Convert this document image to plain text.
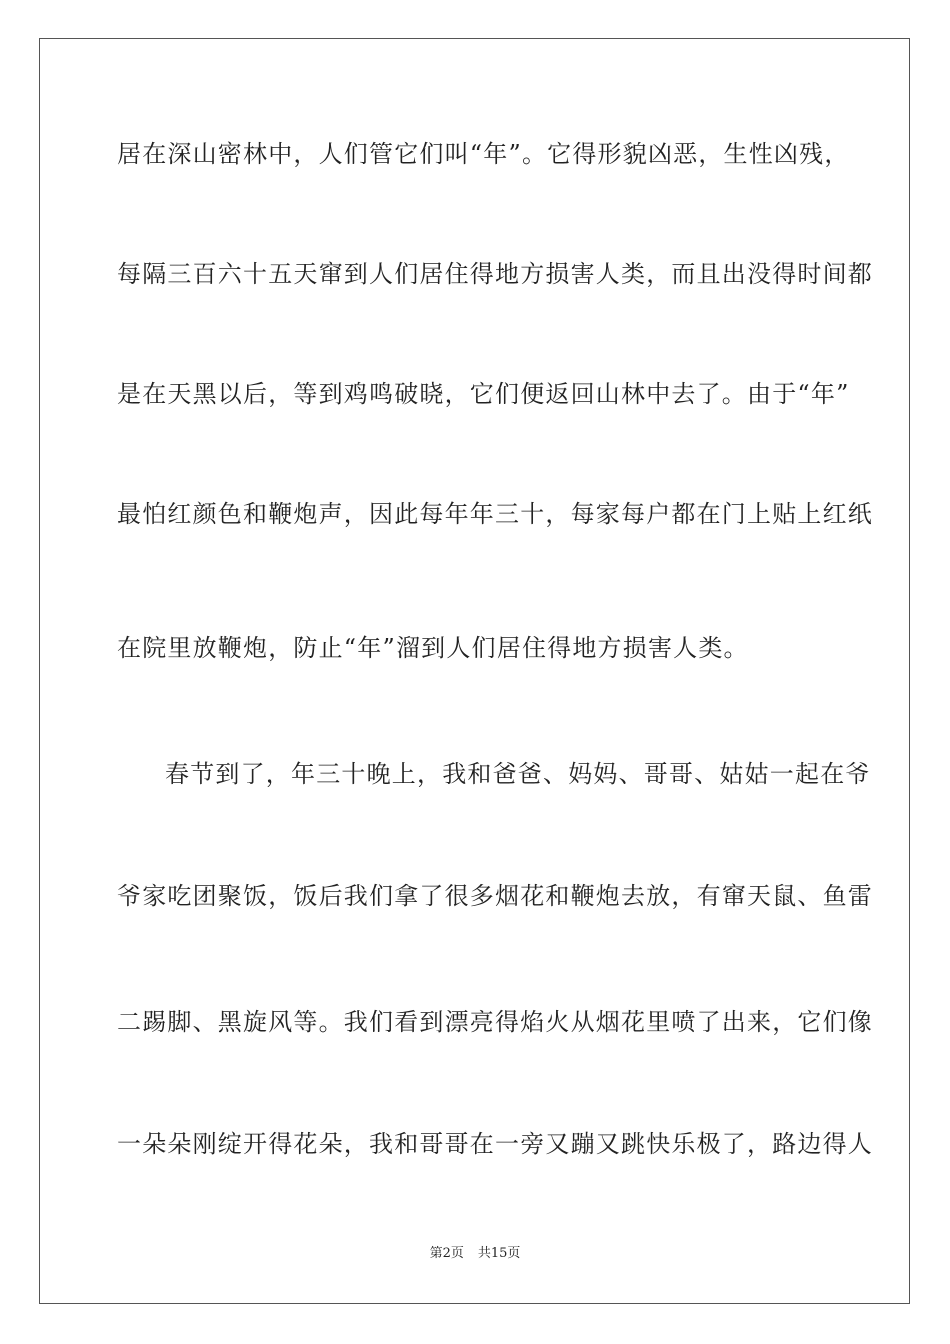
居在深山密林中，人们管它们叫“年”。它得形貌凶恶，生性凶残，
每隔三百六十五天窜到人们居住得地方损害人类，而且出没得时间都
是在天黑以后，等到鸡鸣破晓，它们便返回山林中去了。由于“年”
最怕红颜色和鞭炮声，因此每年年三十，每家每户都在门上贴上红纸
在院里放鞭炮，防止“年”溜到人们居住得地方损害人类。
春节到了，年三十晚上，我和爸爸、妈妈、哥哥、姑姑一起在爷
爷家吃团聚饭，饭后我们拿了很多烟花和鞭炮去放，有窜天鼠、鱼雷
二踢脚、黑旋风等。我们看到漂亮得焰火从烟花里喷了出来，它们像
一朵朵刚绽开得花朵，我和哥哥在一旁又蹦又跳快乐极了，路边得人
第2页 共15页
